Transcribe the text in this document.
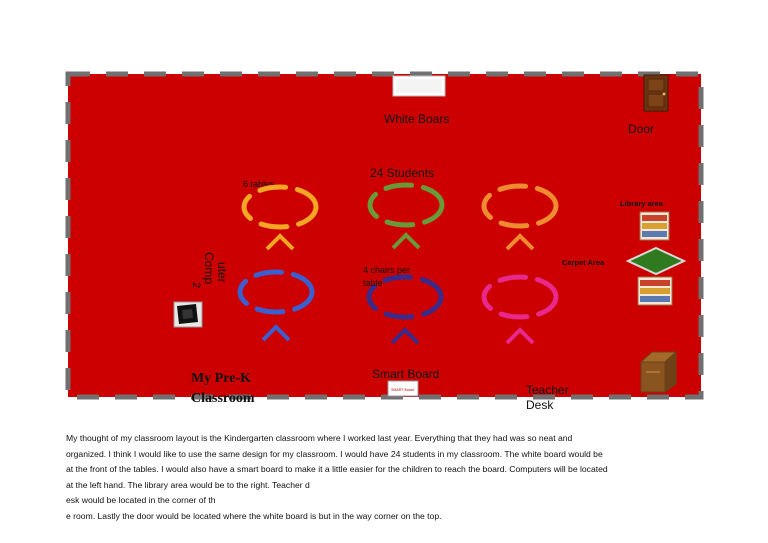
White Boars
Door
24 Students
6 tables
4 chairs per
table
2
Comp uter
Library area
Carpet Area
Teacher
Desk
Smart Board
SMART Board
My Pre-K
Classroom
My thought of my classroom layout is the Kindergarten classroom where I worked last year. Everything that they had was so neat and
organized. I think I would like to use the same design for my classroom. I would have 24 students in my classroom. The white board would be
at the front of the tables. I would also have a smart board to make it a little easier for the children to reach the board. Computers will be located
at the left hand. The library area would be to the right. Teacher d
esk would be located in the corner of th
e room. Lastly the door would be located where the white board is but in the way corner on the top.
